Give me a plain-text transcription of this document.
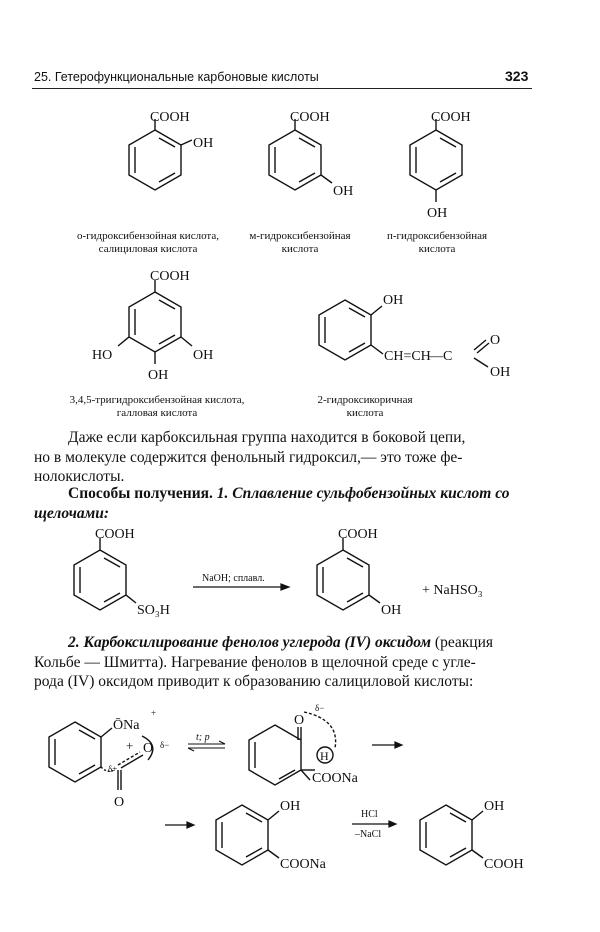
25. Гетерофункциональные карбоновые кислоты	323
COOH
OH
COOH
OH
COOH
OH
о-гидроксибензойная кислота,
салициловая кислота
м-гидроксибензойная
кислота
п-гидроксибензойная
кислота
COOH
HO	OH
OH
OH
CH=CH
—C
O
OH
3,4,5-тригидроксибензойная кислота,
галловая кислота
2-гидроксикоричная
кислота
Даже если карбоксильная группа находится в боковой цепи,
но в молекуле содержится фенольный гидроксил,— это тоже фе-
нолокислоты.
Способы получения. 1. Сплавление сульфобензойных кислот со
щелочами:
COOH
SO₃H
NaOH; сплавл.
COOH
OH
+ NaHSO₃
2. Карбоксилирование фенолов углерода (IV) оксидом (реакция
Кольбе — Шмитта). Нагревание фенолов в щелочной среде с угле-
рода (IV) оксидом приводит к образованию салициловой кислоты:
ŌNa
+
+ O δ−
δ+
O
t; p
O
δ−
H
COONa
OH
COONa
HCl
–NaCl
OH
COOH
